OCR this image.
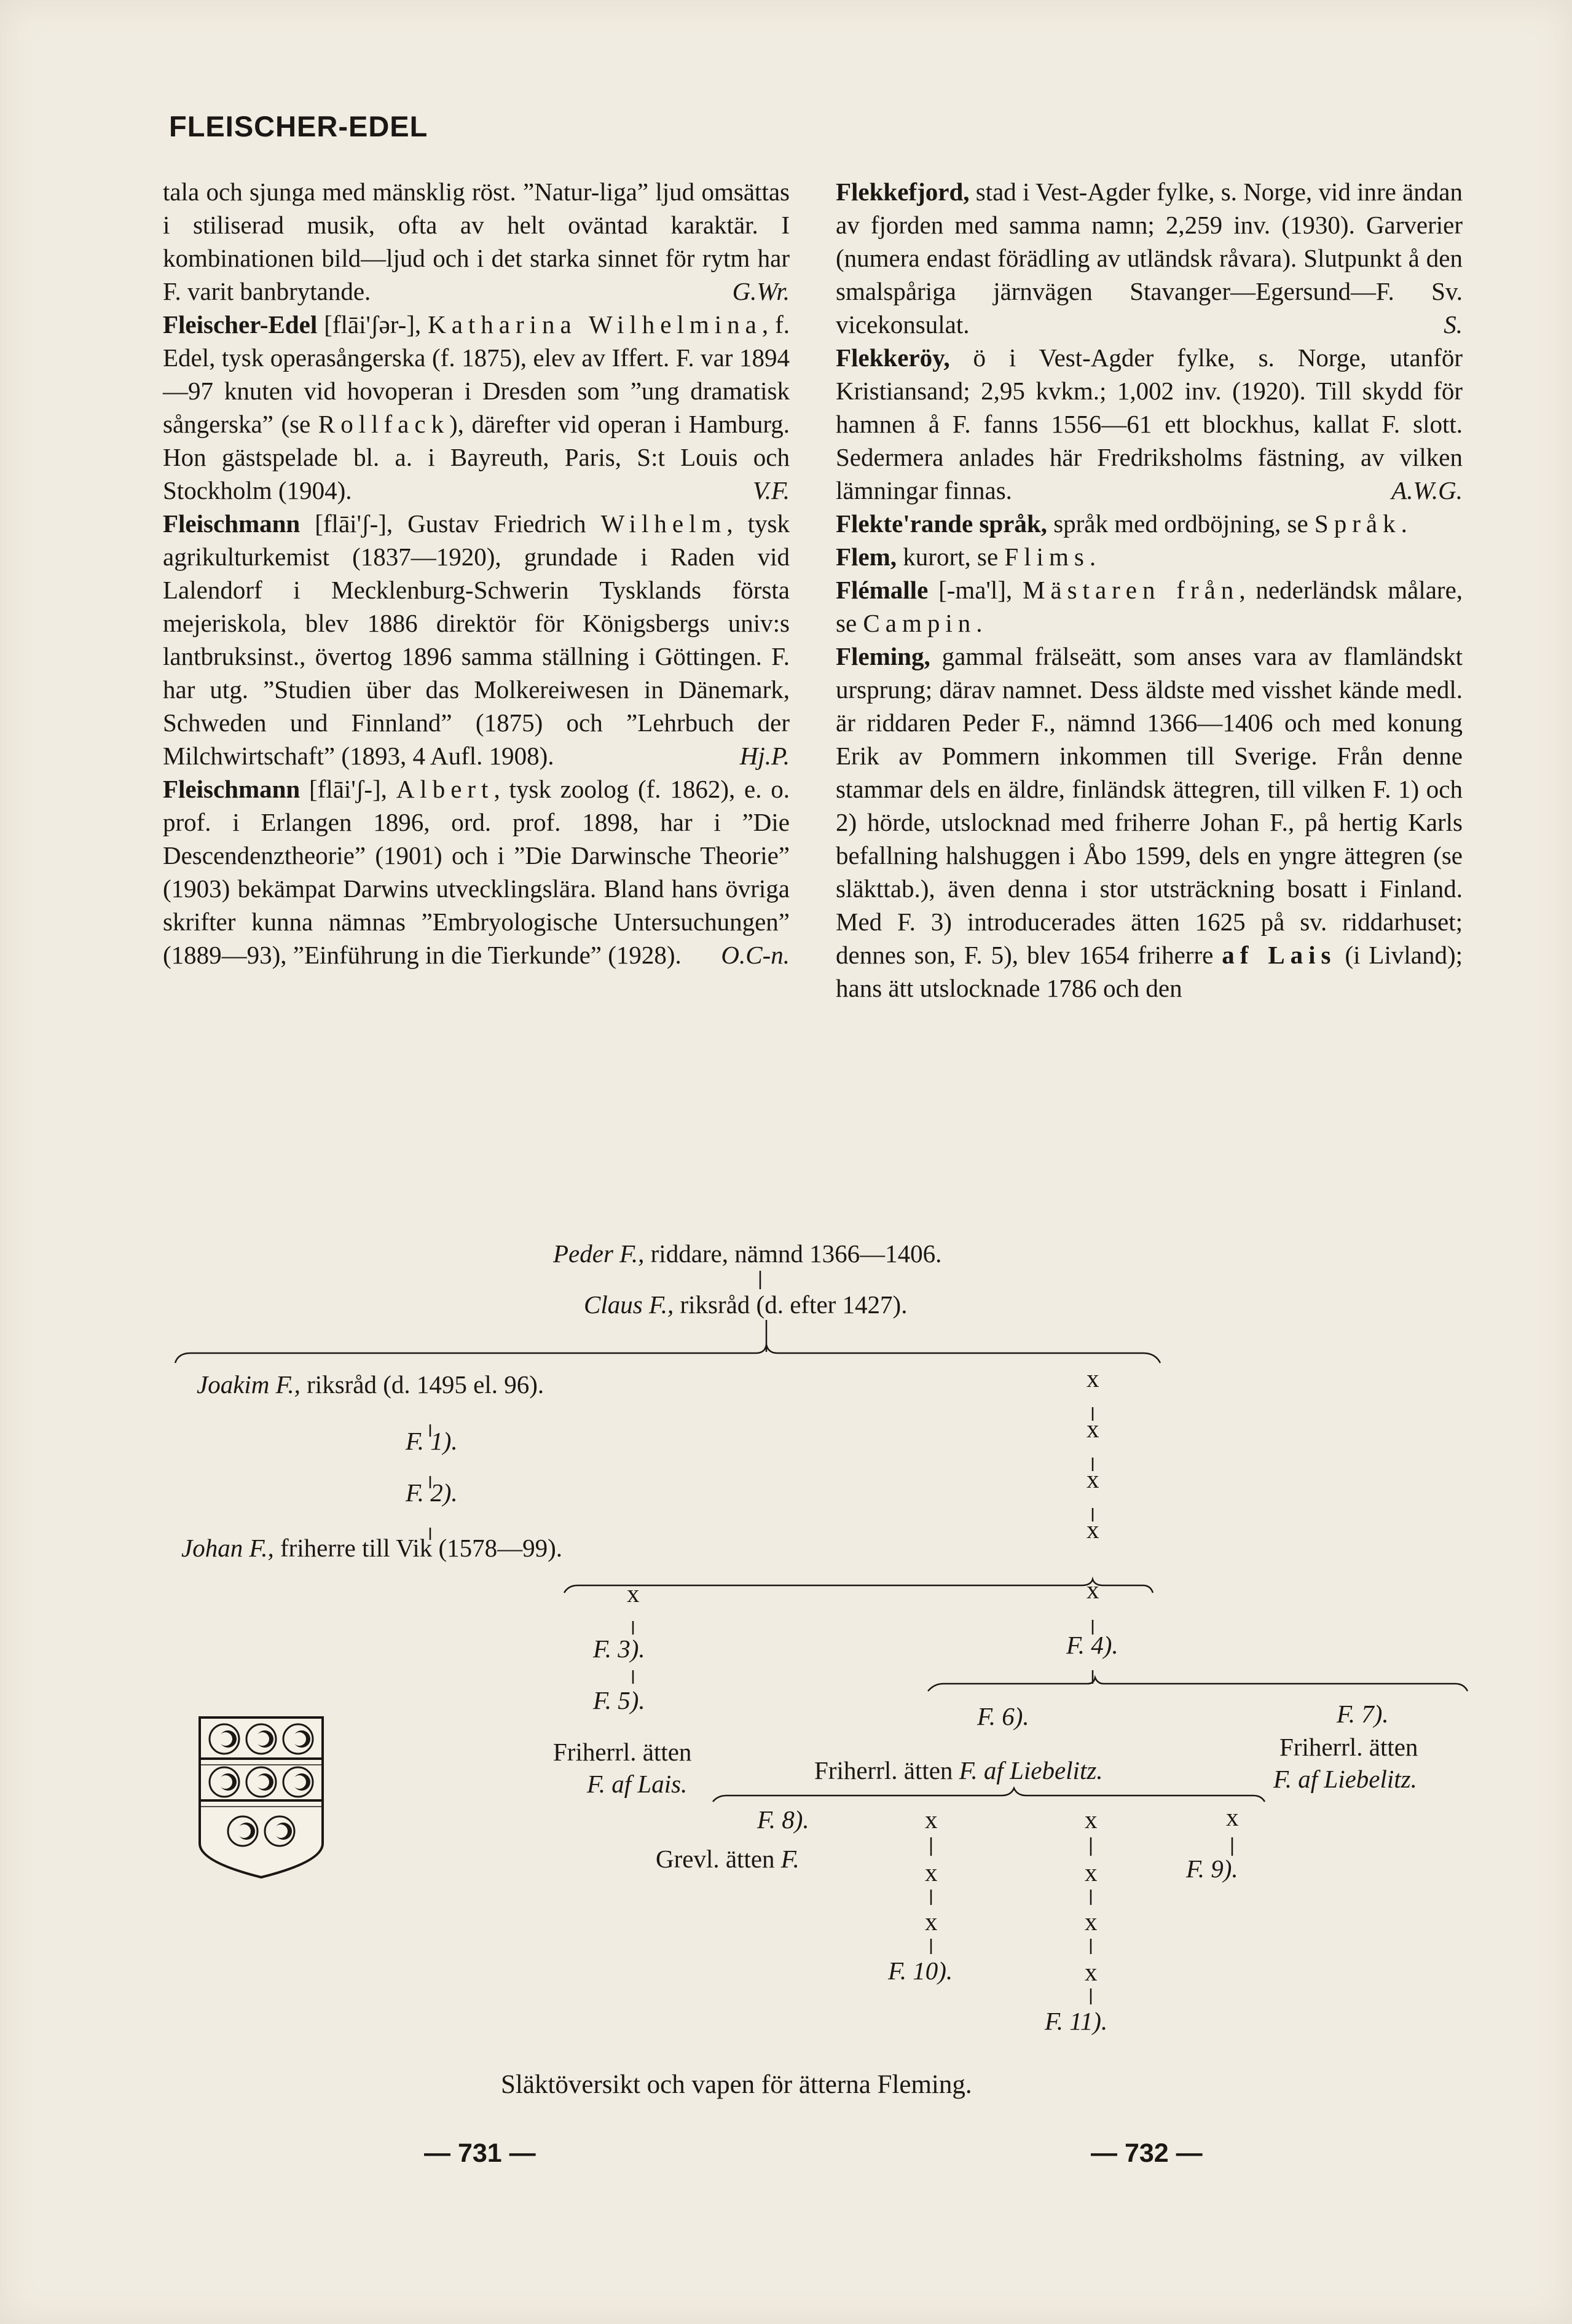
FLEISCHER-EDEL

tala och sjunga med mänsklig röst. ”Natur-liga” ljud omsättas i stiliserad musik, ofta av helt oväntad karaktär. I kombinationen bild—ljud och i det starka sinnet för rytm har F. varit banbrytande.	G.Wr.

Fleischer-Edel [flāi'ʃər-], Katharina Wilhelmina, f. Edel, tysk operasångerska (f. 1875), elev av Iffert. F. var 1894—97 knuten vid hovoperan i Dresden som ”ung dramatisk sångerska” (se Rollfack), därefter vid operan i Hamburg. Hon gästspelade bl. a. i Bayreuth, Paris, S:t Louis och Stockholm (1904).	V.F.

Fleischmann [flāi'ʃ-], Gustav Friedrich Wilhelm, tysk agrikulturkemist (1837—1920), grundade i Raden vid Lalendorf i Mecklenburg-Schwerin Tysklands första mejeriskola, blev 1886 direktör för Königsbergs univ:s lantbruksinst., övertog 1896 samma ställning i Göttingen. F. har utg. ”Studien über das Molkereiwesen in Dänemark, Schweden und Finnland” (1875) och ”Lehrbuch der Milchwirtschaft” (1893, 4 Aufl. 1908).	Hj.P.

Fleischmann [flāi'ʃ-], Albert, tysk zoolog (f. 1862), e. o. prof. i Erlangen 1896, ord. prof. 1898, har i ”Die Descendenztheorie” (1901) och i ”Die Darwinsche Theorie” (1903) bekämpat Darwins utvecklingslära. Bland hans övriga skrifter kunna nämnas ”Embryologische Untersuchungen” (1889—93), ”Einführung in die Tierkunde” (1928). O.C-n.

Flekkefjord, stad i Vest-Agder fylke, s. Norge, vid inre ändan av fjorden med samma namn; 2,259 inv. (1930). Garverier (numera endast förädling av utländsk råvara). Slutpunkt å den smalspåriga järnvägen Stavanger—Egersund—F. Sv. vicekonsulat.	S.

Flekkeröy, ö i Vest-Agder fylke, s. Norge, utanför Kristiansand; 2,95 kvkm.; 1,002 inv. (1920). Till skydd för hamnen å F. fanns 1556—61 ett blockhus, kallat F. slott. Sedermera anlades här Fredriksholms fästning, av vilken lämningar finnas.	A.W.G.

Flekte'rande språk, språk med ordböjning, se Språk.

Flem, kurort, se Flims.

Flémalle [-ma'l], Mästaren från, nederländsk målare, se Campin.

Fleming, gammal frälseätt, som anses vara av flamländskt ursprung; därav namnet. Dess äldste med visshet kände medl. är riddaren Peder F., nämnd 1366—1406 och med konung Erik av Pommern inkommen till Sverige. Från denne stammar dels en äldre, finländsk ättegren, till vilken F. 1) och 2) hörde, utslocknad med friherre Johan F., på hertig Karls befallning halshuggen i Åbo 1599, dels en yngre ättegren (se släkttab.), även denna i stor utsträckning bosatt i Finland. Med F. 3) introducerades ätten 1625 på sv. riddarhuset; dennes son, F. 5), blev 1654 friherre af Lais (i Livland); hans ätt utslocknade 1786 och den

Peder F., riddare, nämnd 1366—1406.
Claus F., riksråd (d. efter 1427).
Joakim F., riksråd (d. 1495 el. 96).
F. 1).
F. 2).
Johan F., friherre till Vik (1578—99).
x
x
x
x
x	x
F. 3).	F. 4).
F. 5).
F. 6).	F. 7).
Friherrl. ätten
F. af Lais.	Friherrl. ätten F. af Liebelitz.
Friherrl. ätten
F. af Liebelitz.
F. 8).	x	x	x
Grevl. ätten F.	x	x	F. 9).
x	x
F. 10).	x
F. 11).
Släktöversikt och vapen för ätterna Fleming.
— 731 —	— 732 —
